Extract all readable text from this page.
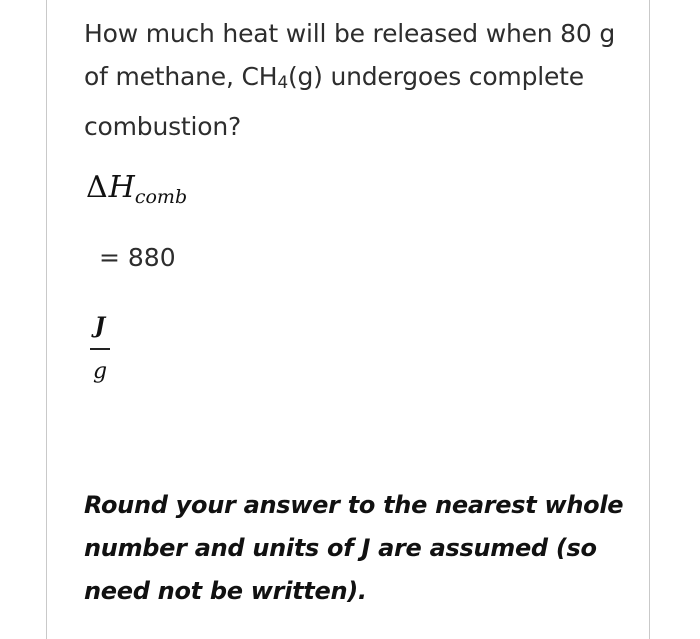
How much heat will be released when 80 g of methane, CH4(g) undergoes complete combustion?
$\Delta H_{comb}$
= 880
J
g
Round your answer to the nearest whole number and units of J are assumed (so need not be written).
